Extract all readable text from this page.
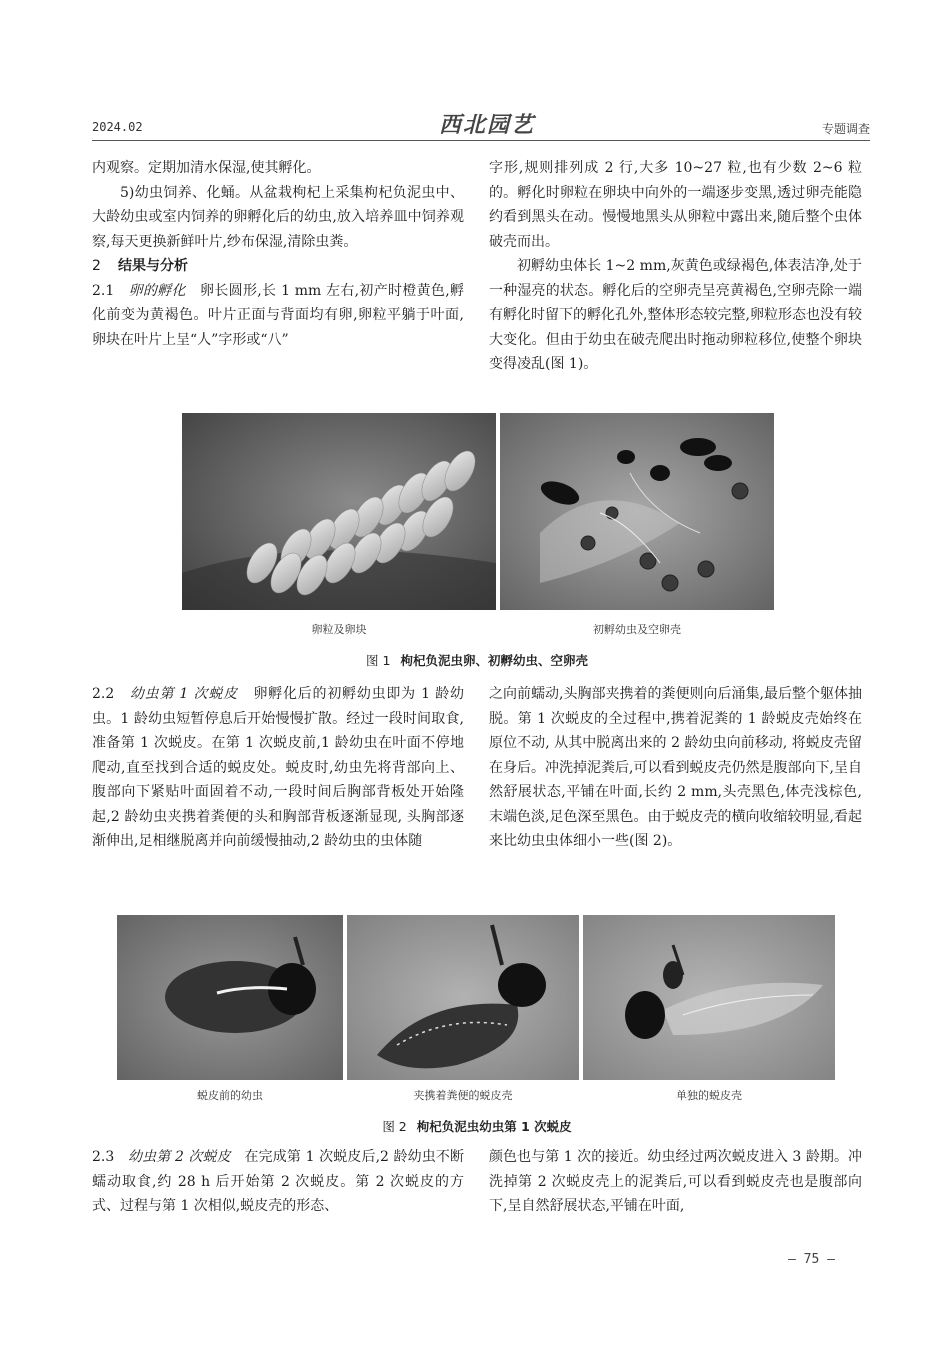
2024.02	西北园艺	专题调查

内观察。定期加清水保湿,使其孵化。

5)幼虫饲养、化蛹。从盆栽枸杞上采集枸杞负泥虫中、大龄幼虫或室内饲养的卵孵化后的幼虫,放入培养皿中饲养观察,每天更换新鲜叶片,纱布保湿,清除虫粪。

2 结果与分析

2.1 卵的孵化 卵长圆形,长 1 mm 左右,初产时橙黄色,孵化前变为黄褐色。叶片正面与背面均有卵,卵粒平躺于叶面,卵块在叶片上呈“人”字形或“八”

字形,规则排列成 2 行,大多 10~27 粒,也有少数 2~6 粒的。孵化时卵粒在卵块中向外的一端逐步变黑,透过卵壳能隐约看到黑头在动。慢慢地黑头从卵粒中露出来,随后整个虫体破壳而出。

初孵幼虫体长 1~2 mm,灰黄色或绿褐色,体表洁净,处于一种湿亮的状态。孵化后的空卵壳呈亮黄褐色,空卵壳除一端有孵化时留下的孵化孔外,整体形态较完整,卵粒形态也没有较大变化。但由于幼虫在破壳爬出时拖动卵粒移位,使整个卵块变得凌乱(图 1)。

卵粒及卵块	初孵幼虫及空卵壳
图 1 枸杞负泥虫卵、初孵幼虫、空卵壳

2.2 幼虫第 1 次蜕皮 卵孵化后的初孵幼虫即为 1 龄幼虫。1 龄幼虫短暂停息后开始慢慢扩散。经过一段时间取食, 准备第 1 次蜕皮。在第 1 次蜕皮前,1 龄幼虫在叶面不停地爬动,直至找到合适的蜕皮处。蜕皮时,幼虫先将背部向上、腹部向下紧贴叶面固着不动,一段时间后胸部背板处开始隆起,2 龄幼虫夹携着粪便的头和胸部背板逐渐显现, 头胸部逐渐伸出,足相继脱离并向前缓慢抽动,2 龄幼虫的虫体随

之向前蠕动,头胸部夹携着的粪便则向后涌集,最后整个躯体抽脱。第 1 次蜕皮的全过程中,携着泥粪的 1 龄蜕皮壳始终在原位不动, 从其中脱离出来的 2 龄幼虫向前移动, 将蜕皮壳留在身后。冲洗掉泥粪后,可以看到蜕皮壳仍然是腹部向下,呈自然舒展状态,平铺在叶面,长约 2 mm,头壳黑色,体壳浅棕色,末端色淡,足色深至黑色。由于蜕皮壳的横向收缩较明显,看起来比幼虫虫体细小一些(图 2)。

蜕皮前的幼虫	夹携着粪便的蜕皮壳	单独的蜕皮壳
图 2 枸杞负泥虫幼虫第 1 次蜕皮

2.3 幼虫第 2 次蜕皮 在完成第 1 次蜕皮后,2 龄幼虫不断蠕动取食,约 28 h 后开始第 2 次蜕皮。第 2 次蜕皮的方式、过程与第 1 次相似,蜕皮壳的形态、

颜色也与第 1 次的接近。幼虫经过两次蜕皮进入 3 龄期。冲洗掉第 2 次蜕皮壳上的泥粪后,可以看到蜕皮壳也是腹部向下,呈自然舒展状态,平铺在叶面,

— 75 —
